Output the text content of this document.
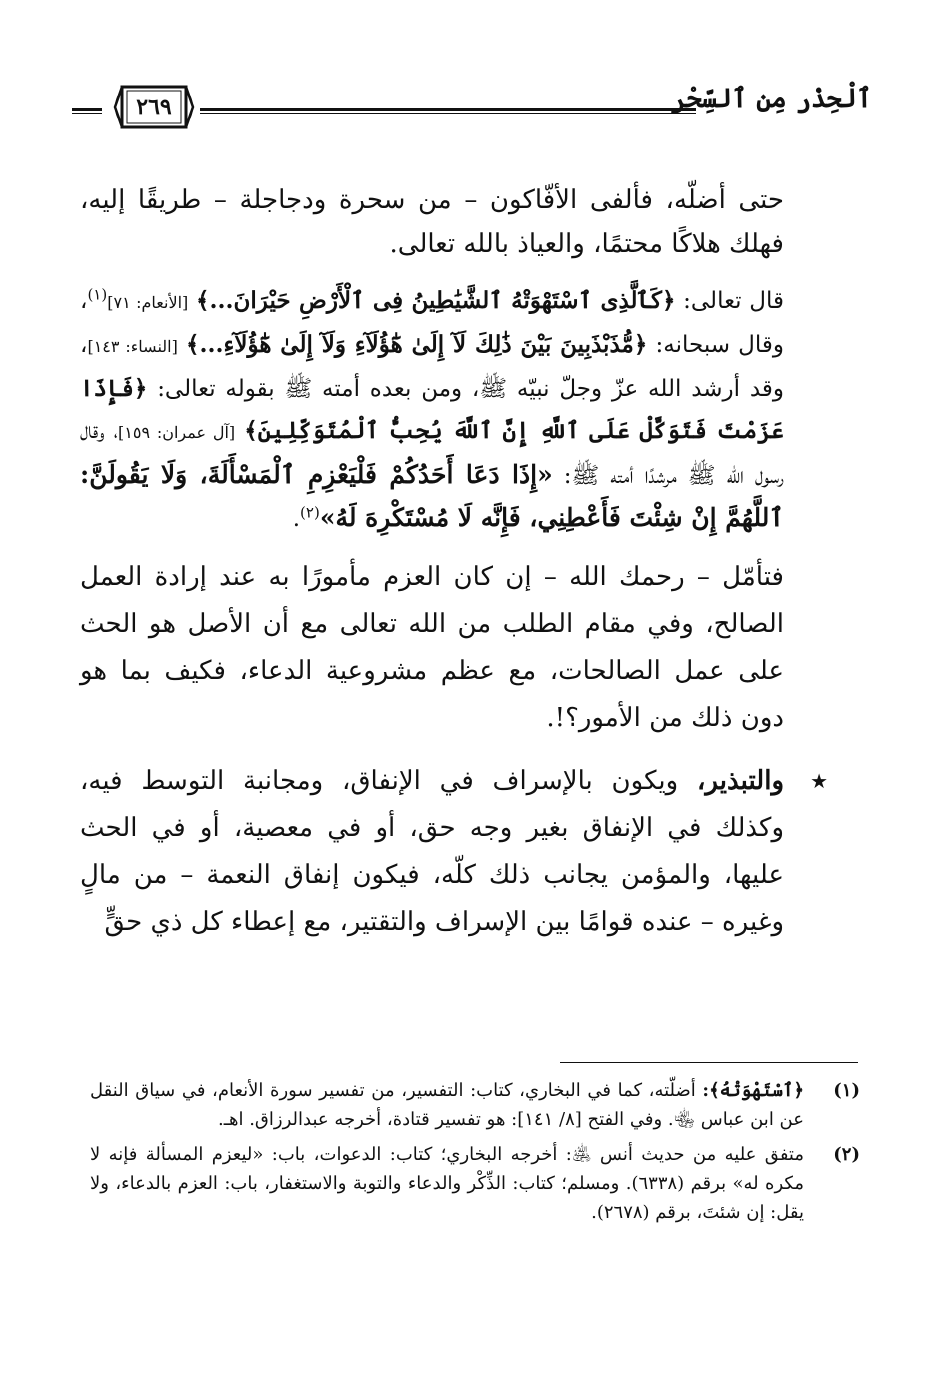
ٱلْحِذْر مِن ٱلسِّحْر
٢٦٩

حتى أضلّه، فألفى الأفّاكون – من سحرة ودجاجلة – طريقًا إليه، فهلك هلاكًا محتمًا، والعياذ بالله تعالى.

قال تعالى: ﴿كَٱلَّذِى ٱسْتَهْوَتْهُ ٱلشَّيَٰطِينُ فِى ٱلْأَرْضِ حَيْرَانَ...﴾ [الأنعام: ٧١]$^{(١)}$، وقال سبحانه: ﴿مُّذَبْذَبِينَ بَيْنَ ذَٰلِكَ لَآ إِلَىٰ هَٰٓؤُلَآءِ وَلَآ إِلَىٰ هَٰٓؤُلَآءِ...﴾ [النساء: ١٤٣]، وقد أرشد الله عزّ وجلّ نبيّه ﷺ، ومن بعده أمته ﷺ بقوله تعالى: ﴿فَإِذَا عَزَمْتَ فَتَوَكَّلْ عَلَى ٱللَّهِ إِنَّ ٱللَّهَ يُحِبُّ ٱلْمُتَوَكِّلِينَ﴾ [آل عمران: ١٥٩]، وقال رسول الله ﷺ مرشدًا أمته ﷺ: «إِذَا دَعَا أَحَدُكُمْ فَلْيَعْزِمِ ٱلْمَسْأَلَةَ، وَلَا يَقُولَنَّ: ٱللَّهُمَّ إِنْ شِئْتَ فَأَعْطِنِي، فَإِنَّه لَا مُسْتَكْرِهَ لَهُ»$^{(٢)}$.

فتأمّل – رحمك الله – إن كان العزم مأمورًا به عند إرادة العمل الصالح، وفي مقام الطلب من الله تعالى مع أن الأصل هو الحث على عمل الصالحات، مع عظم مشروعية الدعاء، فكيف بما هو دون ذلك من الأمور؟!.

★
والتبذير، ويكون بالإسراف في الإنفاق، ومجانبة التوسط فيه، وكذلك في الإنفاق بغير وجه حق، أو في معصية، أو في الحث عليها، والمؤمن يجانب ذلك كلّه، فيكون إنفاق النعمة – من مالٍ وغيره – عنده قوامًا بين الإسراف والتقتير، مع إعطاء كل ذي حقٍّ
(١)
﴿ٱسْتَهْوَتْهُ﴾: أضلّته، كما في البخاري، كتاب: التفسير، من تفسير سورة الأنعام، في سياق النقل عن ابن عباس ﵄. وفي الفتح [٨/ ١٤١]: هو تفسير قتادة، أخرجه عبدالرزاق. اهـ.
(٢)
متفق عليه من حديث أنس ﵁: أخرجه البخاري؛ كتاب: الدعوات، باب: «ليعزم المسألة فإنه لا مكره له» برقم (٦٣٣٨). ومسلم؛ كتاب: الذِّكْر والدعاء والتوبة والاستغفار، باب: العزم بالدعاء، ولا يقل: إن شئتَ، برقم (٢٦٧٨).
